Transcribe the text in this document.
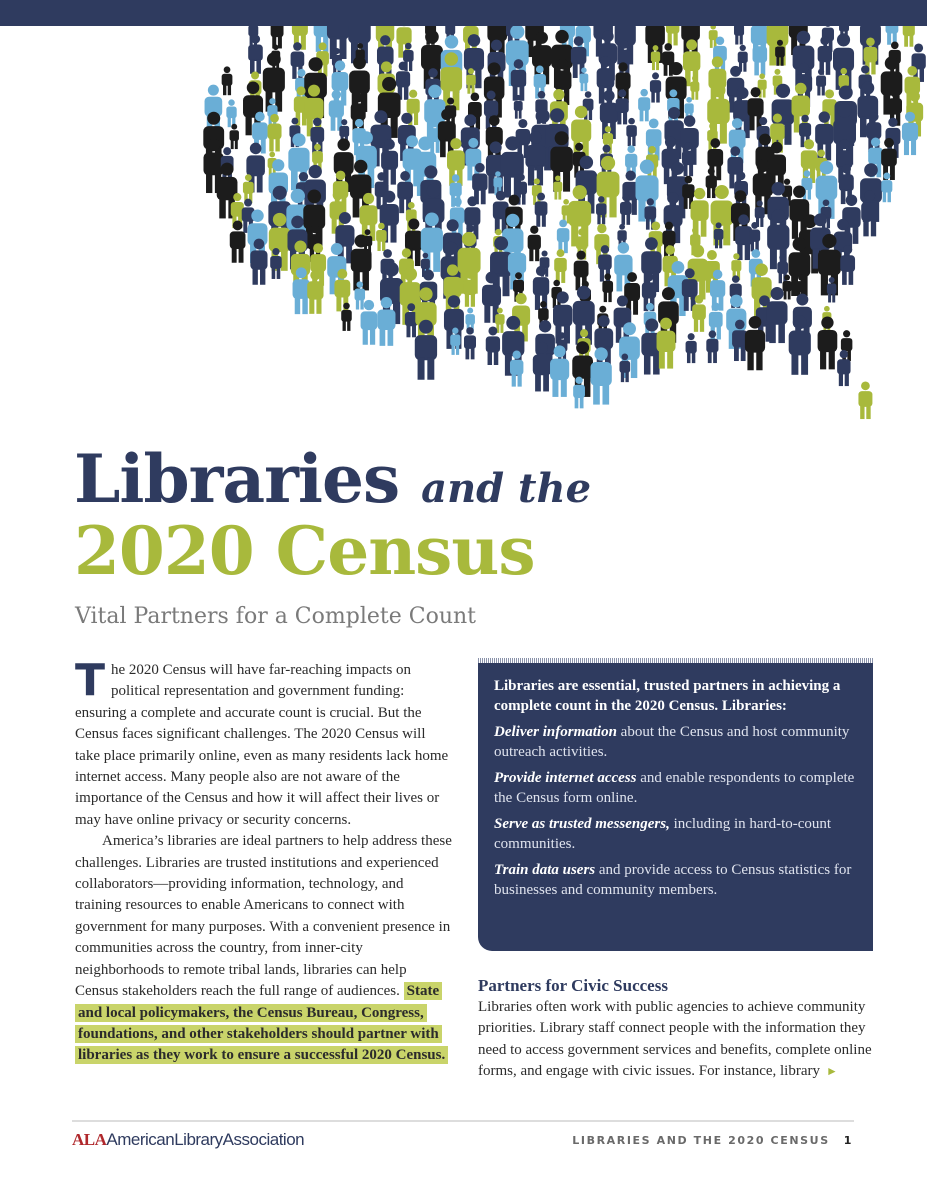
Libraries and the
2020 Census
Vital Partners for a Complete Count

The 2020 Census will have far-reaching impacts on political representation and government funding: ensuring a complete and accurate count is crucial. But the Census faces significant challenges. The 2020 Census will take place primarily online, even as many residents lack home internet access. Many people also are not aware of the importance of the Census and how it will affect their lives or may have online privacy or security concerns.

America’s libraries are ideal partners to help address these challenges. Libraries are trusted institutions and experienced collaborators—providing information, technology, and training resources to enable Americans to connect with government for many purposes. With a convenient presence in communities across the country, from inner-city neighborhoods to remote tribal lands, libraries can help Census stakeholders reach the full range of audiences. State and local policymakers, the Census Bureau, Congress, foundations, and other stakeholders should partner with libraries as they work to ensure a successful 2020 Census.

Libraries are essential, trusted partners in achieving a complete count in the 2020 Census. Libraries:

Deliver information about the Census and host community outreach activities.

Provide internet access and enable respondents to complete the Census form online.

Serve as trusted messengers, including in hard-to-count communities.

Train data users and provide access to Census statistics for businesses and community members.

Partners for Civic Success

Libraries often work with public agencies to achieve community priorities. Library staff connect people with the information they need to access government services and benefits, complete online forms, and engage with civic issues. For instance, library ►

ALAAmericanLibraryAssociation	LIBRARIES AND THE 2020 CENSUS 1
